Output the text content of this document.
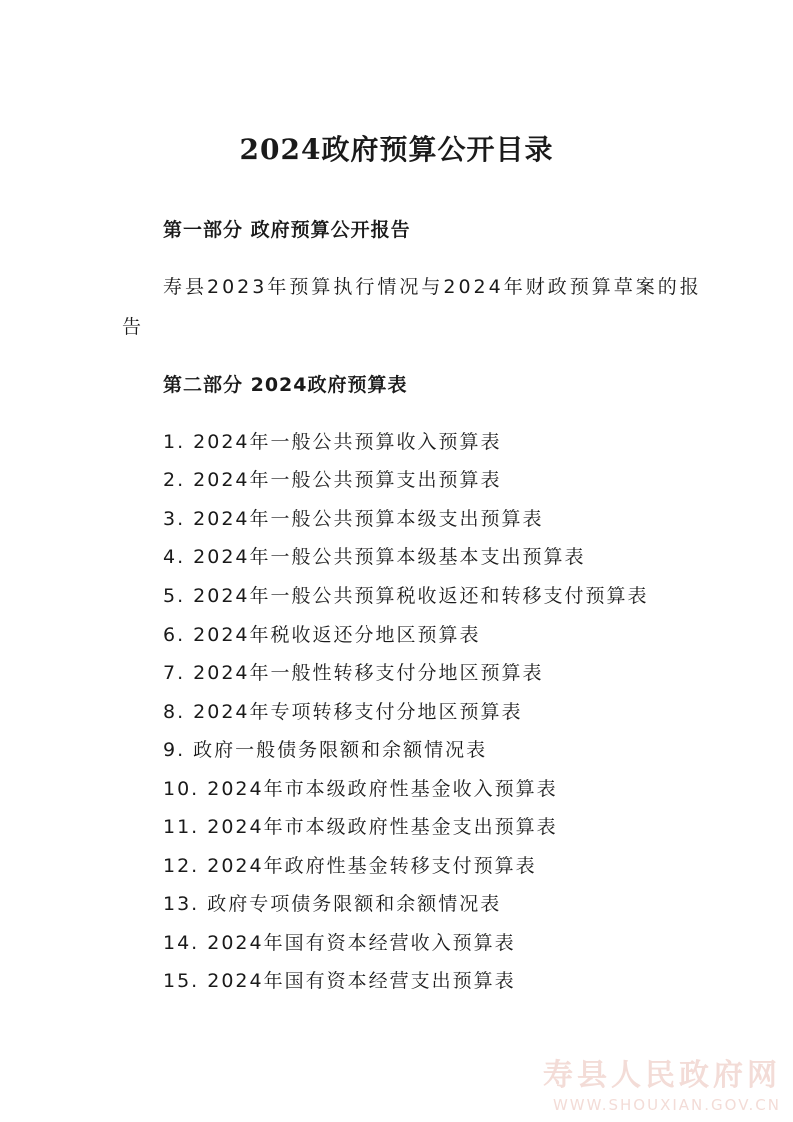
2024政府预算公开目录
第一部分 政府预算公开报告
寿县2023年预算执行情况与2024年财政预算草案的报
告
第二部分 2024政府预算表
1. 2024年一般公共预算收入预算表
2. 2024年一般公共预算支出预算表
3. 2024年一般公共预算本级支出预算表
4. 2024年一般公共预算本级基本支出预算表
5. 2024年一般公共预算税收返还和转移支付预算表
6. 2024年税收返还分地区预算表
7. 2024年一般性转移支付分地区预算表
8. 2024年专项转移支付分地区预算表
9. 政府一般债务限额和余额情况表
10. 2024年市本级政府性基金收入预算表
11. 2024年市本级政府性基金支出预算表
12. 2024年政府性基金转移支付预算表
13. 政府专项债务限额和余额情况表
14. 2024年国有资本经营收入预算表
15. 2024年国有资本经营支出预算表
寿县人民政府网
WWW.SHOUXIAN.GOV.CN
